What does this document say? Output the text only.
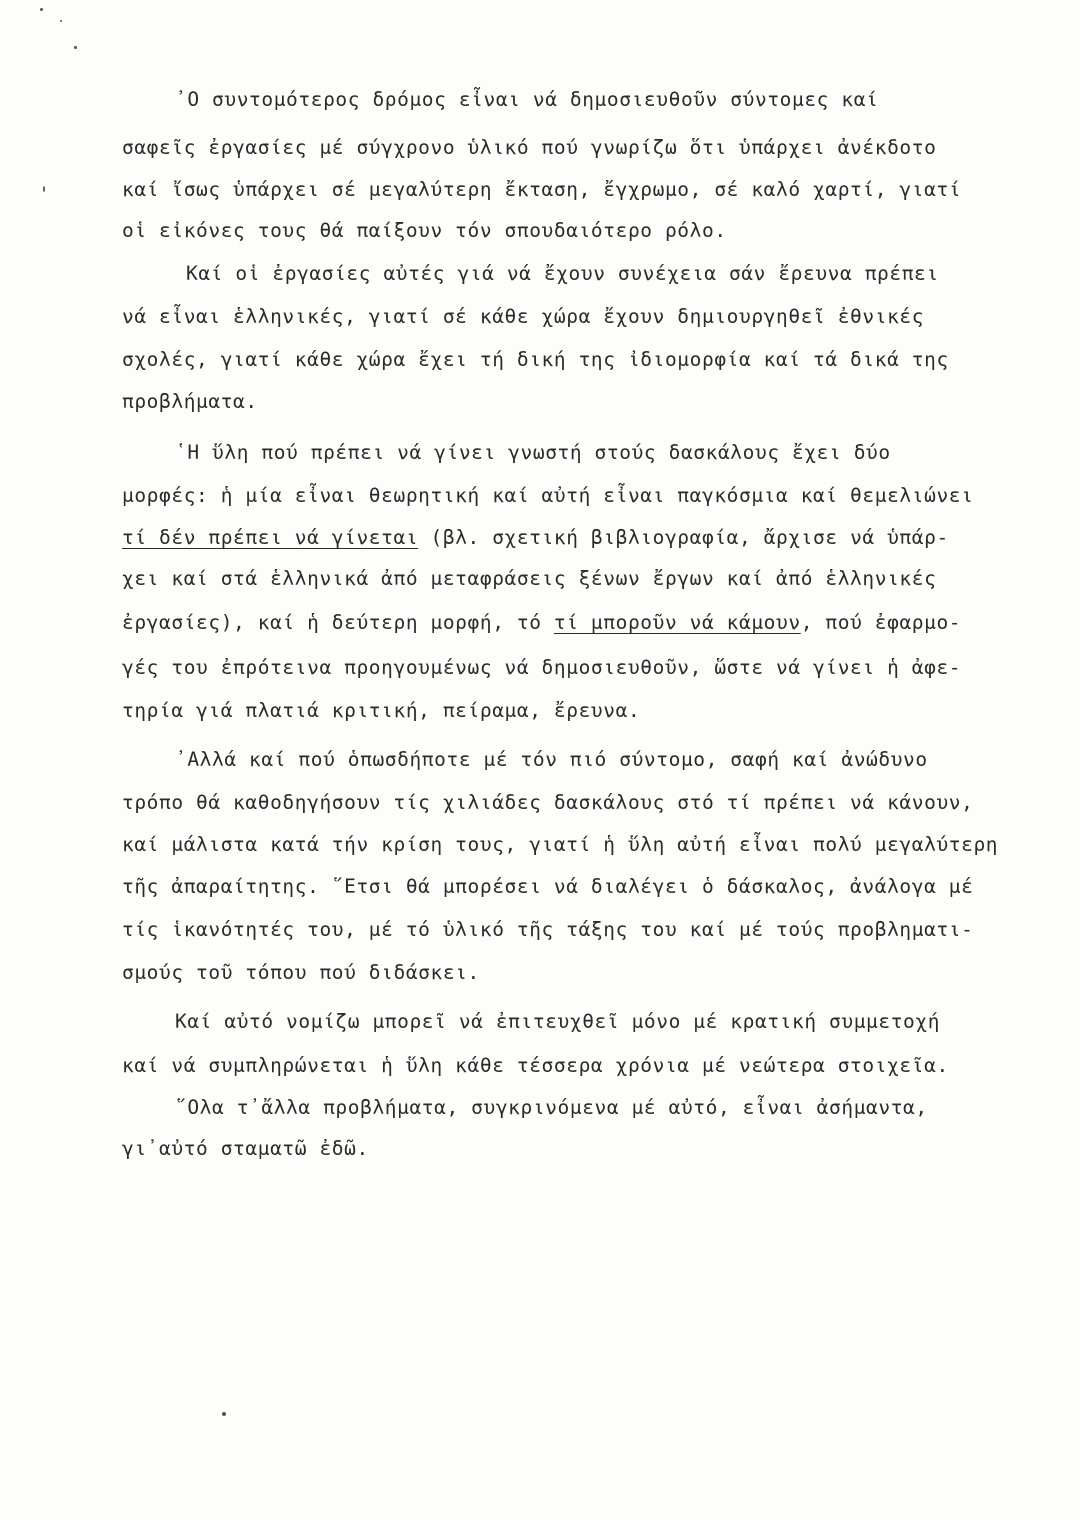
᾿Ο συντομότερος δρόμος εἶναι νά δημοσιευθοῦν σύντομες καί
σαφεῖς ἐργασίες μέ σύγχρονο ὑλικό πού γνωρίζω ὅτι ὑπάρχει ἀνέκδοτο
καί ἴσως ὑπάρχει σέ μεγαλύτερη ἔκταση, ἔγχρωμο, σέ καλό χαρτί, γιατί
οἱ εἰκόνες τους θά παίξουν τόν σπουδαιότερο ρόλο.
Καί οἱ ἐργασίες αὐτές γιά νά ἔχουν συνέχεια σάν ἔρευνα πρέπει
νά εἶναι ἑλληνικές, γιατί σέ κάθε χώρα ἔχουν δημιουργηθεῖ ἐθνικές
σχολές, γιατί κάθε χώρα ἔχει τή δική της ἰδιομορφία καί τά δικά της
προβλήματα.
῾Η ὕλη πού πρέπει νά γίνει γνωστή στούς δασκάλους ἔχει δύο
μορφές: ἡ μία εἶναι θεωρητική καί αὐτή εἶναι παγκόσμια καί θεμελιώνει
τί δέν πρέπει νά γίνεται (βλ. σχετική βιβλιογραφία, ἄρχισε νά ὑπάρ-
χει καί στά ἑλληνικά ἀπό μεταφράσεις ξένων ἔργων καί ἀπό ἑλληνικές
ἐργασίες), καί ἡ δεύτερη μορφή, τό τί μποροῦν νά κάμουν, πού ἐφαρμο-
γές του ἐπρότεινα προηγουμένως νά δημοσιευθοῦν, ὥστε νά γίνει ἡ ἀφε-
τηρία γιά πλατιά κριτική, πείραμα, ἔρευνα.
᾿Αλλά καί πού ὁπωσδήποτε μέ τόν πιό σύντομο, σαφή καί ἀνώδυνο
τρόπο θά καθοδηγήσουν τίς χιλιάδες δασκάλους στό τί πρέπει νά κάνουν,
καί μάλιστα κατά τήν κρίση τους, γιατί ἡ ὕλη αὐτή εἶναι πολύ μεγαλύτερη
τῆς ἀπαραίτητης. ῞Ετσι θά μπορέσει νά διαλέγει ὁ δάσκαλος, ἀνάλογα μέ
τίς ἱκανότητές του, μέ τό ὑλικό τῆς τάξης του καί μέ τούς προβληματι-
σμούς τοῦ τόπου πού διδάσκει.
Καί αὐτό νομίζω μπορεῖ νά ἐπιτευχθεῖ μόνο μέ κρατική συμμετοχή
καί νά συμπληρώνεται ἡ ὕλη κάθε τέσσερα χρόνια μέ νεώτερα στοιχεῖα.
῞Ολα τ᾿ἄλλα προβλήματα, συγκρινόμενα μέ αὐτό, εἶναι ἀσήμαντα,
γι᾿αὐτό σταματῶ ἐδῶ.
